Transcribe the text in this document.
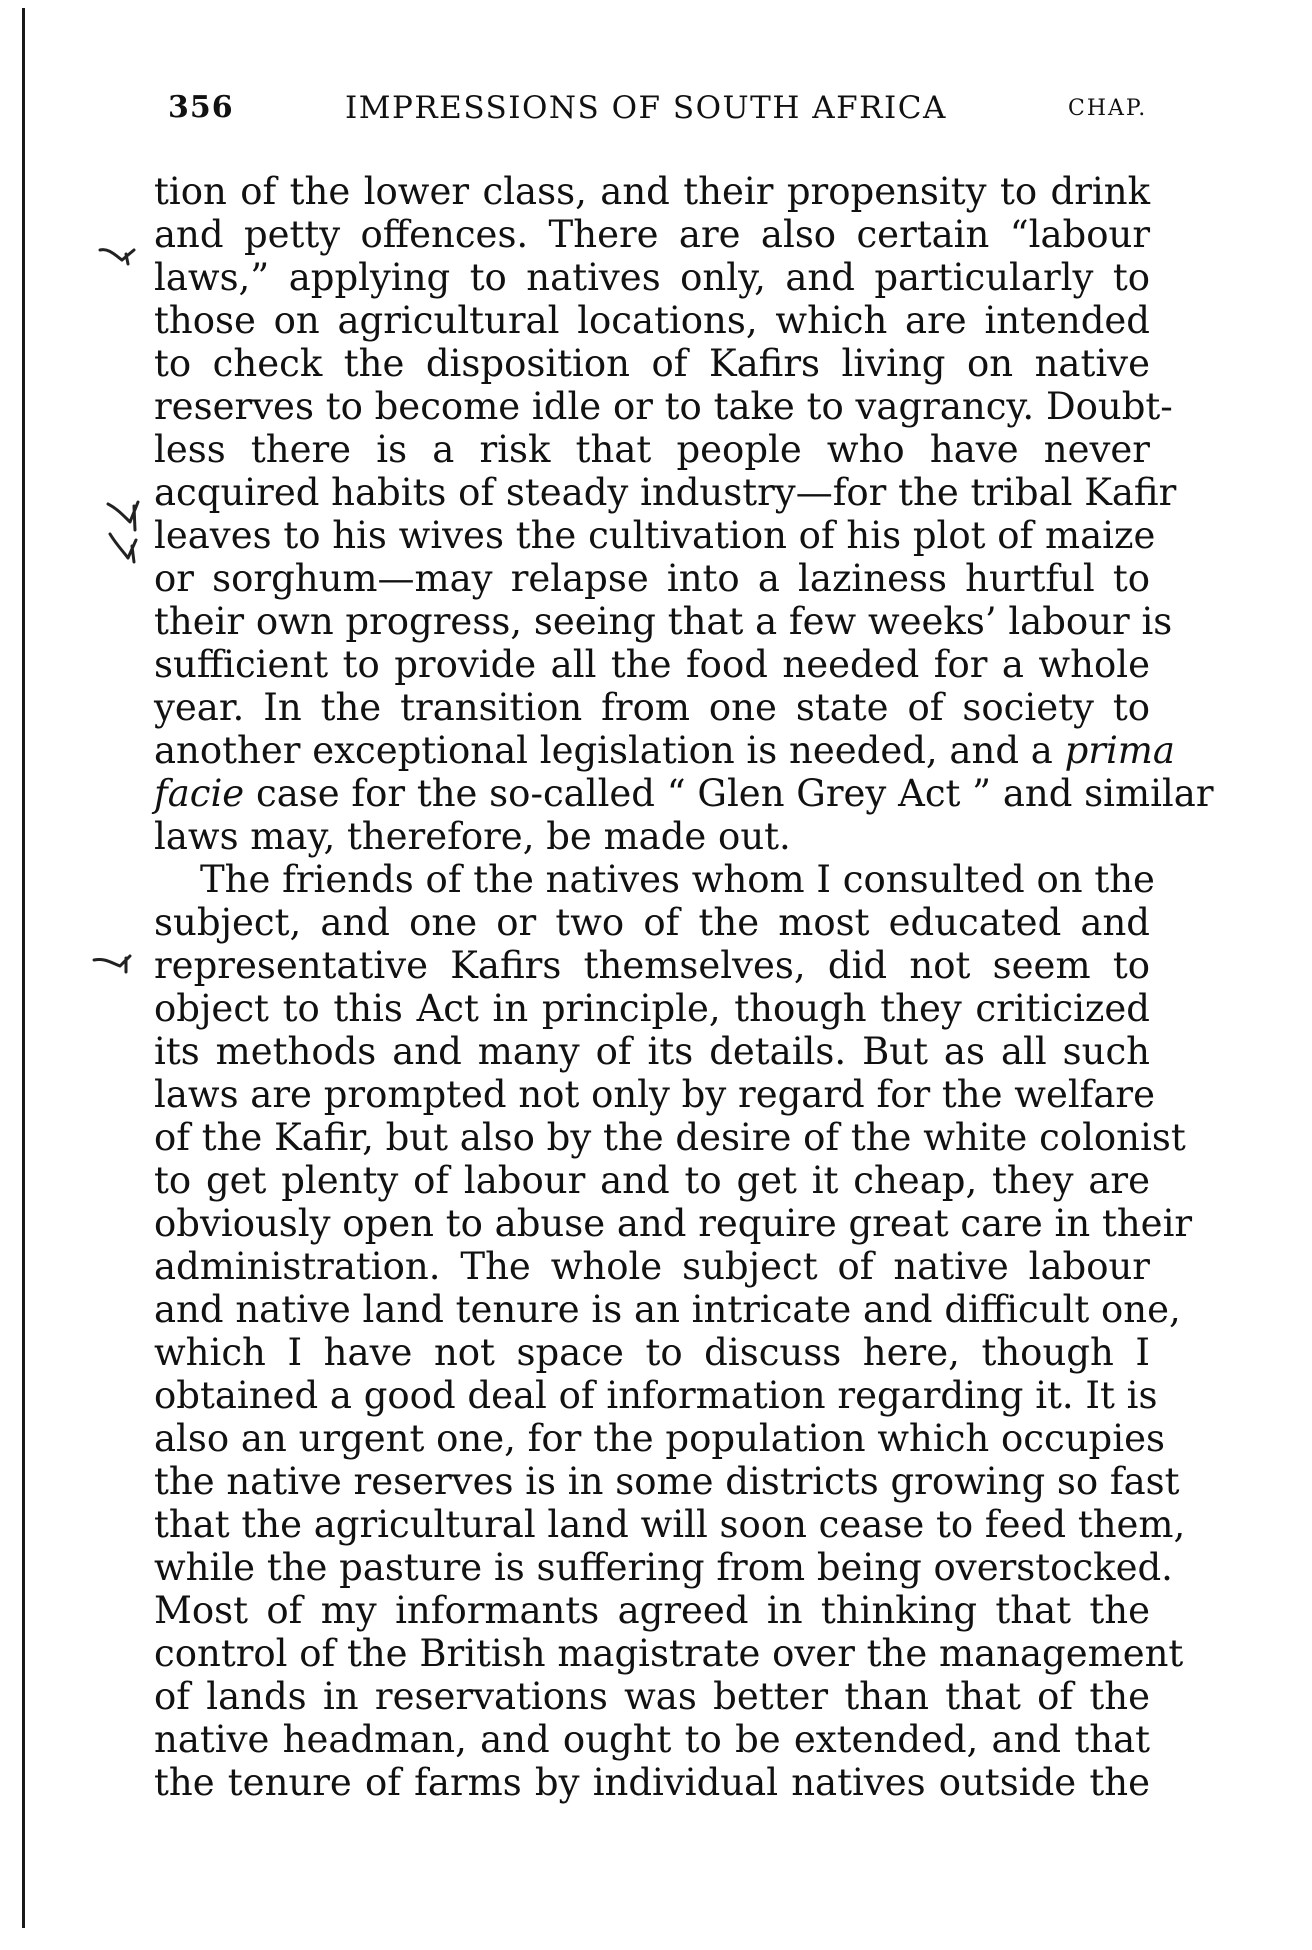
356	IMPRESSIONS OF SOUTH AFRICA	CHAP.
tion of the lower class, and their propensity to drink
and petty offences. There are also certain “labour
laws,” applying to natives only, and particularly to
those on agricultural locations, which are intended
to check the disposition of Kafirs living on native
reserves to become idle or to take to vagrancy. Doubt-
less there is a risk that people who have never
acquired habits of steady industry—for the tribal Kafir
leaves to his wives the cultivation of his plot of maize
or sorghum—may relapse into a laziness hurtful to
their own progress, seeing that a few weeks’ labour is
sufficient to provide all the food needed for a whole
year. In the transition from one state of society to
another exceptional legislation is needed, and a prima
facie case for the so-called “ Glen Grey Act ” and similar
laws may, therefore, be made out.
The friends of the natives whom I consulted on the
subject, and one or two of the most educated and
representative Kafirs themselves, did not seem to
object to this Act in principle, though they criticized
its methods and many of its details. But as all such
laws are prompted not only by regard for the welfare
of the Kafir, but also by the desire of the white colonist
to get plenty of labour and to get it cheap, they are
obviously open to abuse and require great care in their
administration. The whole subject of native labour
and native land tenure is an intricate and difficult one,
which I have not space to discuss here, though I
obtained a good deal of information regarding it. It is
also an urgent one, for the population which occupies
the native reserves is in some districts growing so fast
that the agricultural land will soon cease to feed them,
while the pasture is suffering from being overstocked.
Most of my informants agreed in thinking that the
control of the British magistrate over the management
of lands in reservations was better than that of the
native headman, and ought to be extended, and that
the tenure of farms by individual natives outside the
